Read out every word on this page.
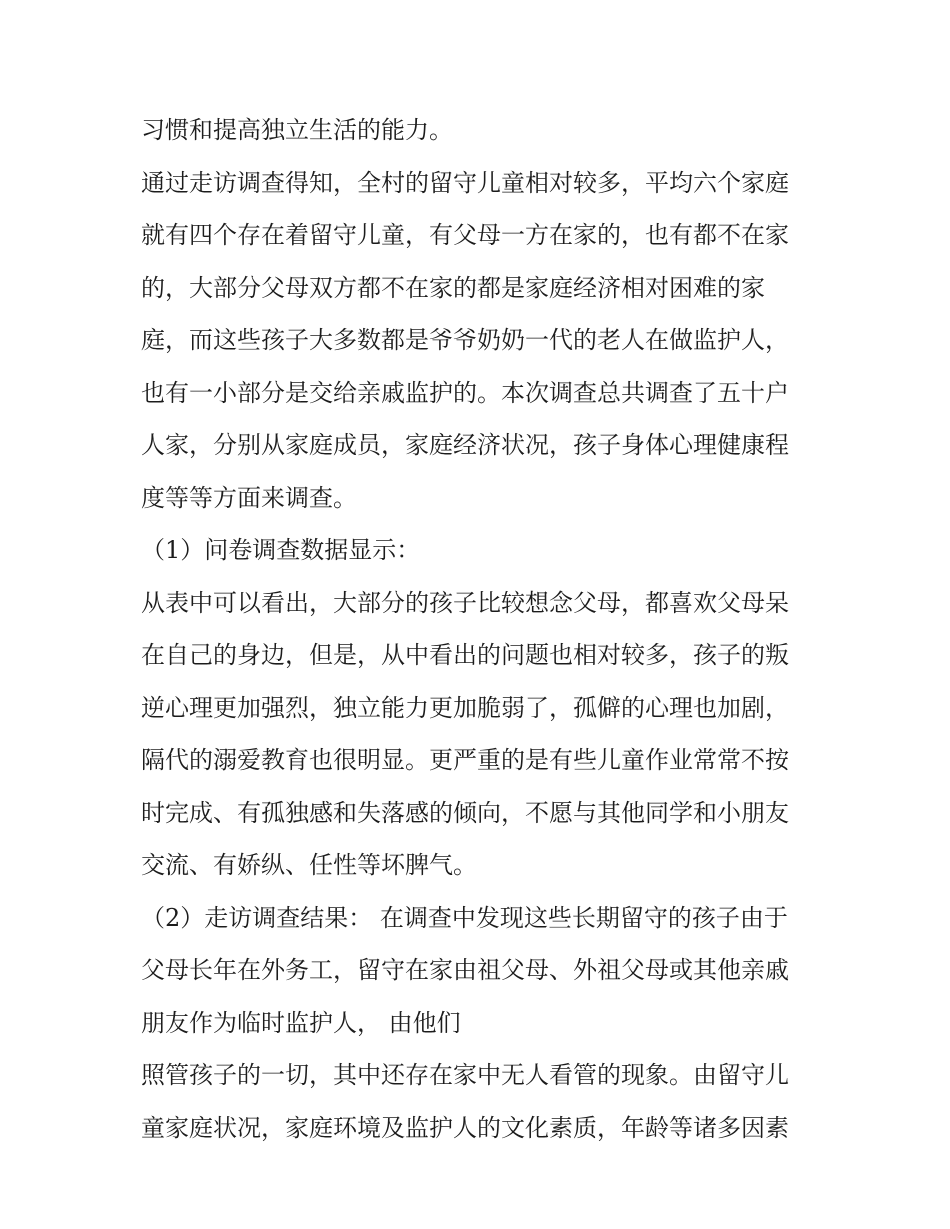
习惯和提高独立生活的能力。
通过走访调查得知，全村的留守儿童相对较多，平均六个家庭
就有四个存在着留守儿童，有父母一方在家的，也有都不在家
的，大部分父母双方都不在家的都是家庭经济相对困难的家
庭，而这些孩子大多数都是爷爷奶奶一代的老人在做监护人，
也有一小部分是交给亲戚监护的。本次调查总共调查了五十户
人家，分别从家庭成员，家庭经济状况，孩子身体心理健康程
度等等方面来调查。
（1）问卷调查数据显示：
从表中可以看出，大部分的孩子比较想念父母，都喜欢父母呆
在自己的身边，但是，从中看出的问题也相对较多，孩子的叛
逆心理更加强烈，独立能力更加脆弱了，孤僻的心理也加剧，
隔代的溺爱教育也很明显。更严重的是有些儿童作业常常不按
时完成、有孤独感和失落感的倾向，不愿与其他同学和小朋友
交流、有娇纵、任性等坏脾气。
（2）走访调查结果： 在调查中发现这些长期留守的孩子由于
父母长年在外务工，留守在家由祖父母、外祖父母或其他亲戚
朋友作为临时监护人， 由他们
照管孩子的一切，其中还存在家中无人看管的现象。由留守儿
童家庭状况，家庭环境及监护人的文化素质，年龄等诸多因素
